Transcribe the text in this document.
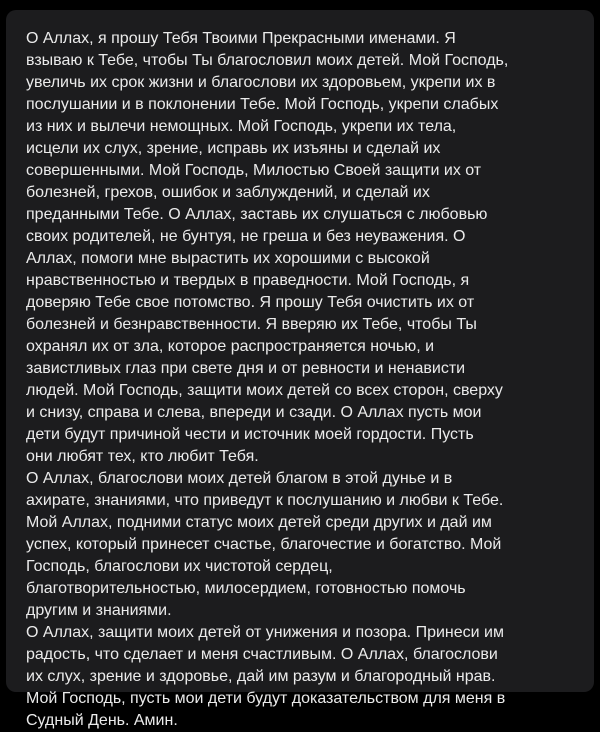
О Аллах, я прошу Тебя Твоими Прекрасными именами. Я
взываю к Тебе, чтобы Ты благословил моих детей. Мой Господь,
увеличь их срок жизни и благослови их здоровьем, укрепи их в
послушании и в поклонении Тебе. Мой Господь, укрепи слабых
из них и вылечи немощных. Мой Господь, укрепи их тела,
исцели их слух, зрение, исправь их изъяны и сделай их
совершенными. Мой Господь, Милостью Своей защити их от
болезней, грехов, ошибок и заблуждений, и сделай их
преданными Тебе. О Аллах, заставь их слушаться с любовью
своих родителей, не бунтуя, не греша и без неуважения. О
Аллах, помоги мне вырастить их хорошими с высокой
нравственностью и твердых в праведности. Мой Господь, я
доверяю Тебе свое потомство. Я прошу Тебя очистить их от
болезней и безнравственности. Я вверяю их Тебе, чтобы Ты
охранял их от зла, которое распространяется ночью, и
завистливых глаз при свете дня и от ревности и ненависти
людей. Мой Господь, защити моих детей со всех сторон, сверху
и снизу, справа и слева, впереди и сзади. О Аллах пусть мои
дети будут причиной чести и источник моей гордости. Пусть
они любят тех, кто любит Тебя.
О Аллах, благослови моих детей благом в этой дунье и в
ахирате, знаниями, что приведут к послушанию и любви к Тебе.
Мой Аллах, подними статус моих детей среди других и дай им
успех, который принесет счастье, благочестие и богатство. Мой
Господь, благослови их чистотой сердец,
благотворительностью, милосердием, готовностью помочь
другим и знаниями.
О Аллах, защити моих детей от унижения и позора. Принеси им
радость, что сделает и меня счастливым. О Аллах, благослови
их слух, зрение и здоровье, дай им разум и благородный нрав.
Мой Господь, пусть мои дети будут доказательством для меня в
Судный День. Амин.
